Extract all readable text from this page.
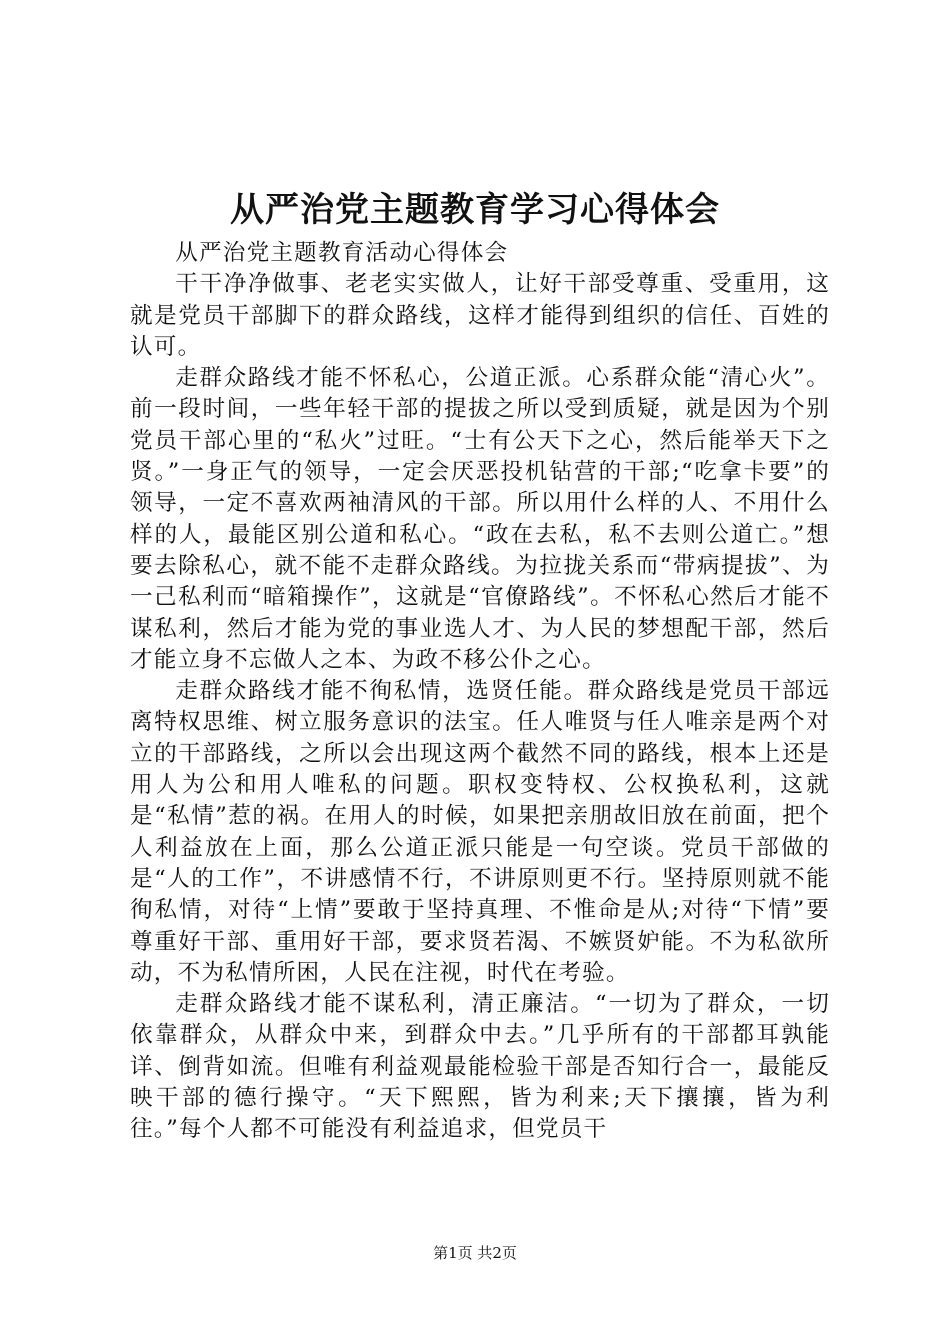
从严治党主题教育学习心得体会

从严治党主题教育活动心得体会

干干净净做事、老老实实做人，让好干部受尊重、受重用，这就是党员干部脚下的群众路线，这样才能得到组织的信任、百姓的认可。

走群众路线才能不怀私心，公道正派。心系群众能“清心火”。前一段时间，一些年轻干部的提拔之所以受到质疑，就是因为个别党员干部心里的“私火”过旺。“士有公天下之心，然后能举天下之贤。”一身正气的领导，一定会厌恶投机钻营的干部;“吃拿卡要”的领导，一定不喜欢两袖清风的干部。所以用什么样的人、不用什么样的人，最能区别公道和私心。“政在去私，私不去则公道亡。”想要去除私心，就不能不走群众路线。为拉拢关系而“带病提拔”、为一己私利而“暗箱操作”，这就是“官僚路线”。不怀私心然后才能不谋私利，然后才能为党的事业选人才、为人民的梦想配干部，然后才能立身不忘做人之本、为政不移公仆之心。

走群众路线才能不徇私情，选贤任能。群众路线是党员干部远离特权思维、树立服务意识的法宝。任人唯贤与任人唯亲是两个对立的干部路线，之所以会出现这两个截然不同的路线，根本上还是用人为公和用人唯私的问题。职权变特权、公权换私利，这就是“私情”惹的祸。在用人的时候，如果把亲朋故旧放在前面，把个人利益放在上面，那么公道正派只能是一句空谈。党员干部做的是“人的工作”，不讲感情不行，不讲原则更不行。坚持原则就不能徇私情，对待“上情”要敢于坚持真理、不惟命是从;对待“下情”要尊重好干部、重用好干部，要求贤若渴、不嫉贤妒能。不为私欲所动，不为私情所困，人民在注视，时代在考验。

走群众路线才能不谋私利，清正廉洁。“一切为了群众，一切依靠群众，从群众中来，到群众中去。”几乎所有的干部都耳孰能详、倒背如流。但唯有利益观最能检验干部是否知行合一，最能反映干部的德行操守。“天下熙熙，皆为利来;天下攘攘，皆为利往。”每个人都不可能没有利益追求，但党员干

第1页 共2页
